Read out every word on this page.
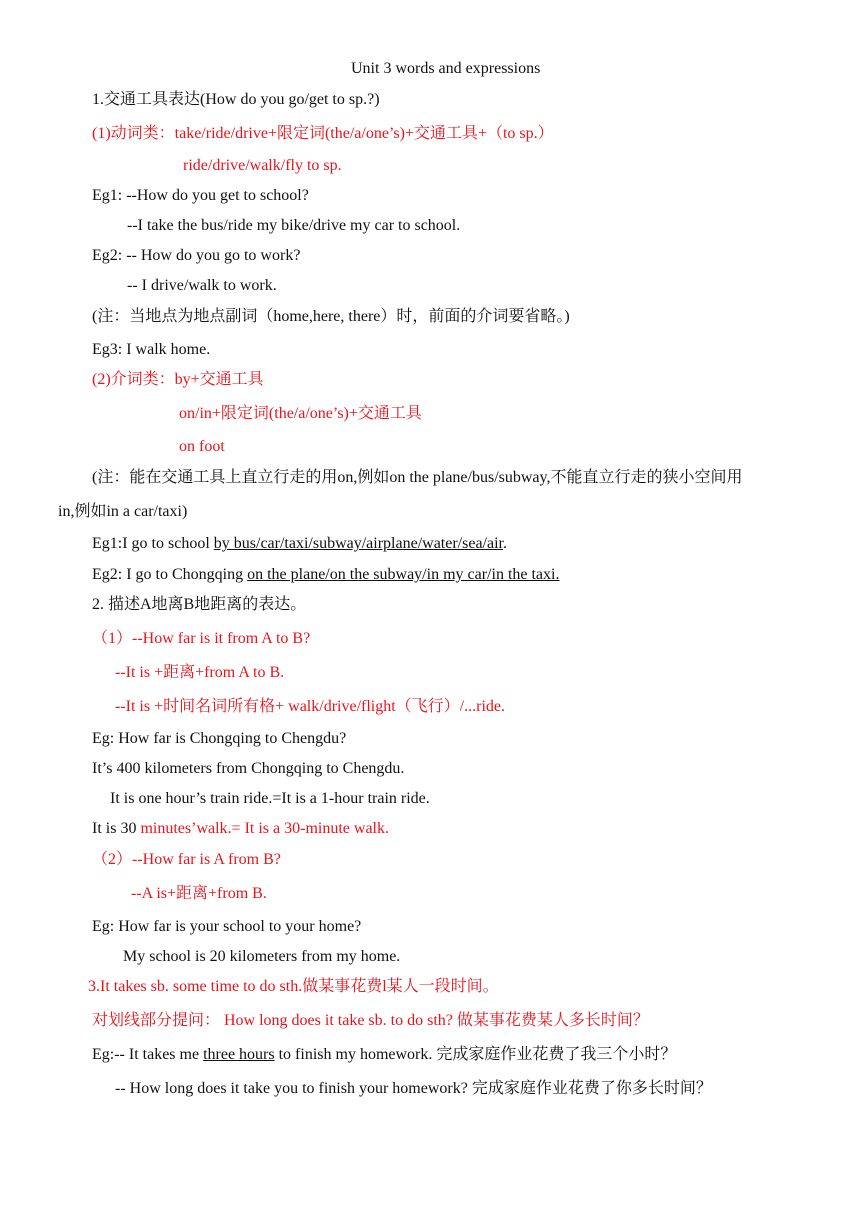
Unit 3 words and expressions
1.交通工具表达(How do you go/get to sp.?)
(1)动词类：take/ride/drive+限定词(the/a/one’s)+交通工具+（to sp.）
ride/drive/walk/fly to sp.
Eg1: --How do you get to school?
--I take the bus/ride my bike/drive my car to school.
Eg2: -- How do you go to work?
-- I drive/walk to work.
(注：当地点为地点副词（home,here, there）时，前面的介词要省略。)
Eg3: I walk home.
(2)介词类：by+交通工具
on/in+限定词(the/a/one’s)+交通工具
on foot
(注：能在交通工具上直立行走的用on,例如on the plane/bus/subway,不能直立行走的狭小空间用
in,例如in a car/taxi)
Eg1:I go to school by bus/car/taxi/subway/airplane/water/sea/air.
Eg2: I go to Chongqing on the plane/on the subway/in my car/in the taxi.
2. 描述A地离B地距离的表达。
（1）--How far is it from A to B?
--It is +距离+from A to B.
--It is +时间名词所有格+ walk/drive/flight（飞行）/...ride.
Eg: How far is Chongqing to Chengdu?
It’s 400 kilometers from Chongqing to Chengdu.
It is one hour’s train ride.=It is a 1-hour train ride.
It is 30 minutes’walk.= It is a 30-minute walk.
（2）--How far is A from B?
--A is+距离+from B.
Eg: How far is your school to your home?
My school is 20 kilometers from my home.
3.It takes sb. some time to do sth.做某事花费l某人一段时间。
对划线部分提问： How long does it take sb. to do sth? 做某事花费某人多长时间？
Eg:-- It takes me three hours to finish my homework. 完成家庭作业花费了我三个小时？
-- How long does it take you to finish your homework? 完成家庭作业花费了你多长时间？
